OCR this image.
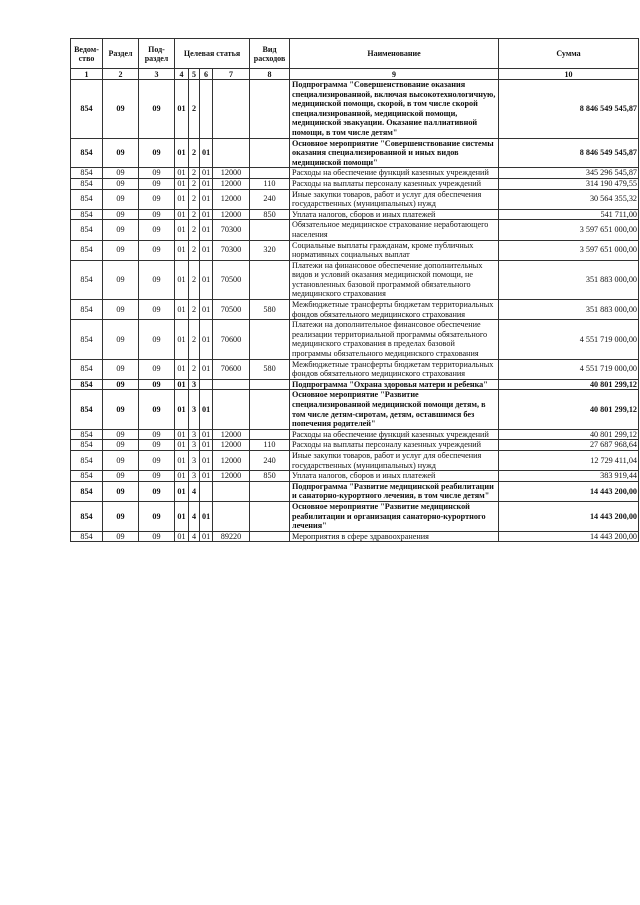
Ведом-ство	Раздел	Под-раздел	Целевая статья				Вид расходов	Наименование	Сумма
1	2	3	4	5	6	7	8	9	10
854	09	09	01	2				Подпрограмма "Совершенствование оказания специализированной, включая высокотехнологичную, медицинской помощи, скорой, в том числе скорой специализированной, медицинской помощи, медицинской эвакуации. Оказание паллиативной помощи, в том числе детям"	8 846 549 545,87
854	09	09	01	2	01			Основное мероприятие "Совершенствование системы оказания специализированной и иных видов медицинской помощи"	8 846 549 545,87
854	09	09	01	2	01	12000		Расходы на обеспечение функций казенных учреждений	345 296 545,87
854	09	09	01	2	01	12000	110	Расходы на выплаты персоналу казенных учреждений	314 190 479,55
854	09	09	01	2	01	12000	240	Иные закупки товаров, работ и услуг для обеспечения государственных (муниципальных) нужд	30 564 355,32
854	09	09	01	2	01	12000	850	Уплата налогов, сборов и иных платежей	541 711,00
854	09	09	01	2	01	70300		Обязательное медицинское страхование неработающего населения	3 597 651 000,00
854	09	09	01	2	01	70300	320	Социальные выплаты гражданам, кроме публичных нормативных социальных выплат	3 597 651 000,00
854	09	09	01	2	01	70500		Платежи на финансовое обеспечение дополнительных видов и условий оказания медицинской помощи, не установленных базовой программой обязательного медицинского страхования	351 883 000,00
854	09	09	01	2	01	70500	580	Межбюджетные трансферты бюджетам территориальных фондов обязательного медицинского страхования	351 883 000,00
854	09	09	01	2	01	70600		Платежи на дополнительное финансовое обеспечение реализации территориальной программы обязательного медицинского страхования в пределах базовой программы обязательного медицинского страхования	4 551 719 000,00
854	09	09	01	2	01	70600	580	Межбюджетные трансферты бюджетам территориальных фондов обязательного медицинского страхования	4 551 719 000,00
854	09	09	01	3				Подпрограмма "Охрана здоровья матери и ребенка"	40 801 299,12
854	09	09	01	3	01			Основное мероприятие "Развитие специализированной медицинской помощи детям, в том числе детям-сиротам, детям, оставшимся без попечения родителей"	40 801 299,12
854	09	09	01	3	01	12000		Расходы на обеспечение функций казенных учреждений	40 801 299,12
854	09	09	01	3	01	12000	110	Расходы на выплаты персоналу казенных учреждений	27 687 968,64
854	09	09	01	3	01	12000	240	Иные закупки товаров, работ и услуг для обеспечения государственных (муниципальных) нужд	12 729 411,04
854	09	09	01	3	01	12000	850	Уплата налогов, сборов и иных платежей	383 919,44
854	09	09	01	4				Подпрограмма "Развитие медицинской реабилитации и санаторно-курортного лечения, в том числе детям"	14 443 200,00
854	09	09	01	4	01			Основное мероприятие "Развитие медицинской реабилитации и организация санаторно-курортного лечения"	14 443 200,00
854	09	09	01	4	01	89220		Мероприятия в сфере здравоохранения	14 443 200,00
